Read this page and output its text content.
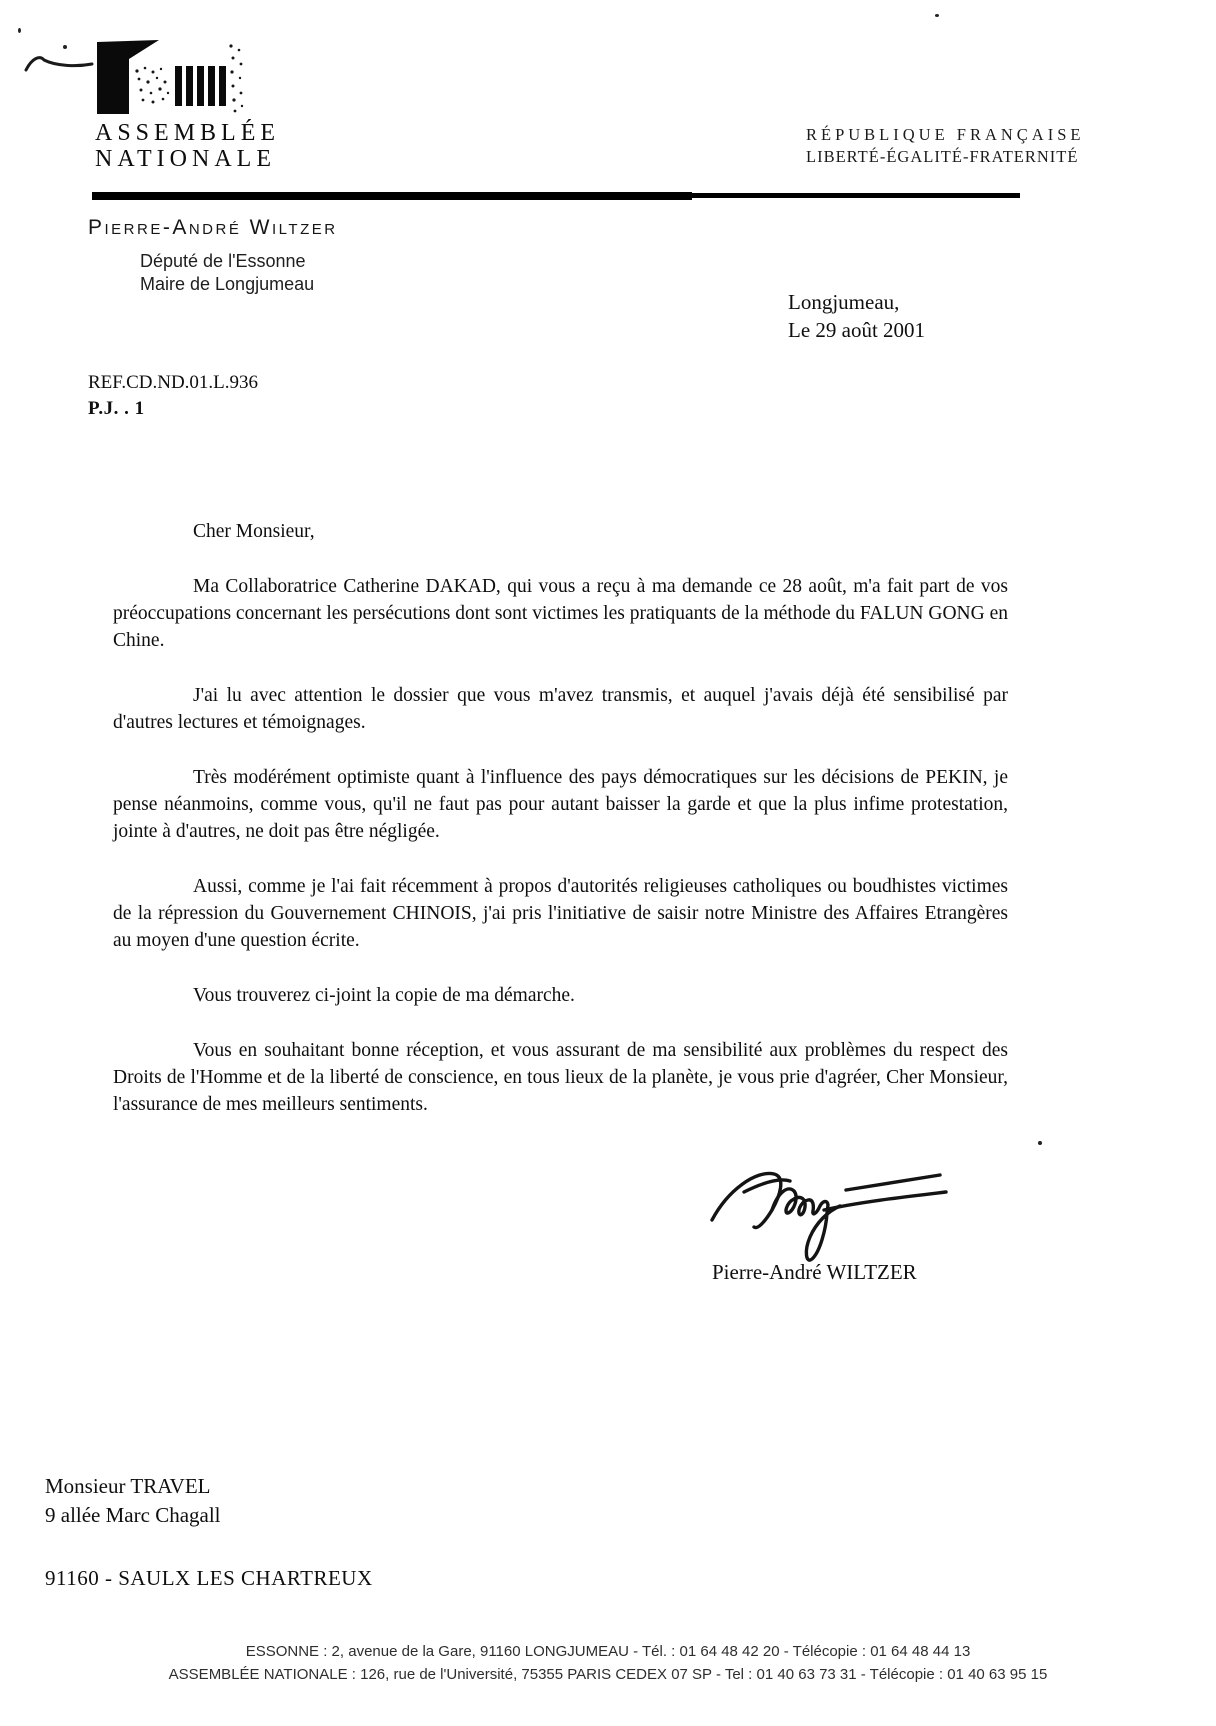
ASSEMBLÉE
NATIONALE
RÉPUBLIQUE FRANÇAISE
LIBERTÉ-ÉGALITÉ-FRATERNITÉ
Pierre-André Wiltzer
Député de l'Essonne
Maire de Longjumeau
Longjumeau,
Le 29 août 2001
REF.CD.ND.01.L.936
P.J. . 1

Cher Monsieur,

Ma Collaboratrice Catherine DAKAD, qui vous a reçu à ma demande ce 28 août, m'a fait part de vos préoccupations concernant les persécutions dont sont victimes les pratiquants de la méthode du FALUN GONG en Chine.

J'ai lu avec attention le dossier que vous m'avez transmis, et auquel j'avais déjà été sensibilisé par d'autres lectures et témoignages.

Très modérément optimiste quant à l'influence des pays démocratiques sur les décisions de PEKIN, je pense néanmoins, comme vous, qu'il ne faut pas pour autant baisser la garde et que la plus infime protestation, jointe à d'autres, ne doit pas être négligée.

Aussi, comme je l'ai fait récemment à propos d'autorités religieuses catholiques ou boudhistes victimes de la répression du Gouvernement CHINOIS, j'ai pris l'initiative de saisir notre Ministre des Affaires Etrangères au moyen d'une question écrite.

Vous trouverez ci-joint la copie de ma démarche.

Vous en souhaitant bonne réception, et vous assurant de ma sensibilité aux problèmes du respect des Droits de l'Homme et de la liberté de conscience, en tous lieux de la planète, je vous prie d'agréer, Cher Monsieur, l'assurance de mes meilleurs sentiments.

Pierre-André WILTZER
Monsieur TRAVEL
9 allée Marc Chagall
91160 - SAULX LES CHARTREUX
ESSONNE : 2, avenue de la Gare, 91160 LONGJUMEAU - Tél. : 01 64 48 42 20 - Télécopie : 01 64 48 44 13
ASSEMBLÉE NATIONALE : 126, rue de l'Université, 75355 PARIS CEDEX 07 SP - Tel : 01 40 63 73 31 - Télécopie : 01 40 63 95 15
